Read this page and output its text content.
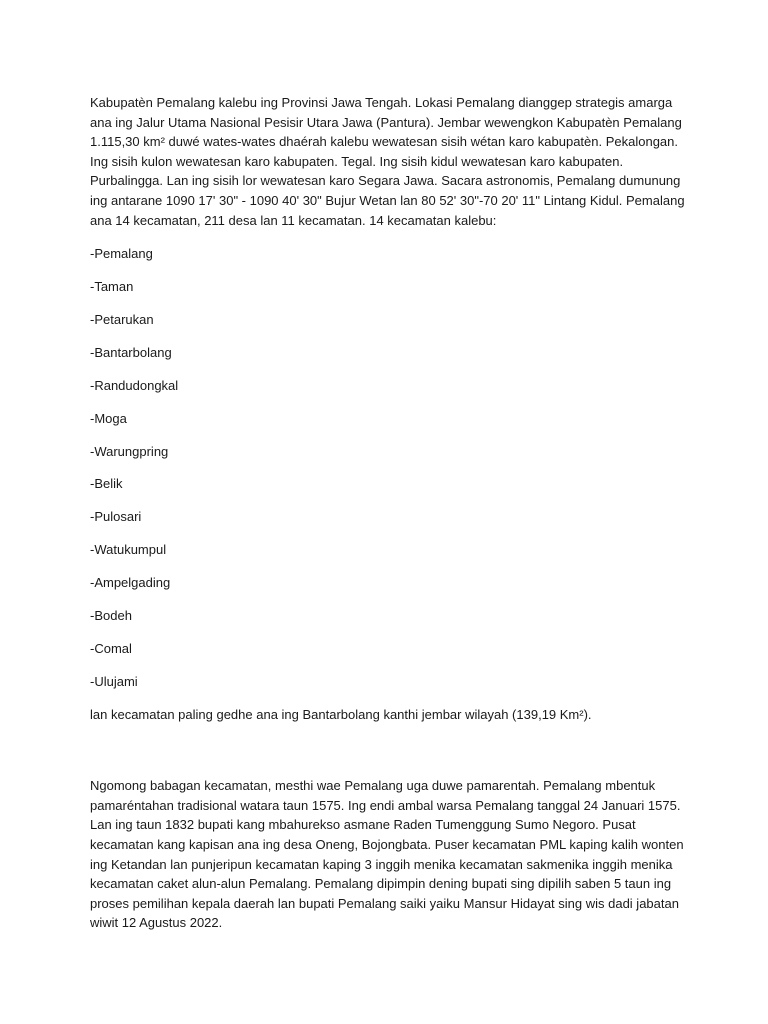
Kabupatèn Pemalang kalebu ing Provinsi Jawa Tengah. Lokasi Pemalang dianggep strategis amarga ana ing Jalur Utama Nasional Pesisir Utara Jawa (Pantura). Jembar wewengkon Kabupatèn Pemalang 1.115,30 km² duwé wates-wates dhaérah kalebu wewatesan sisih wétan karo kabupatèn. Pekalongan. Ing sisih kulon wewatesan karo kabupaten. Tegal. Ing sisih kidul wewatesan karo kabupaten. Purbalingga. Lan ing sisih lor wewatesan karo Segara Jawa. Sacara astronomis, Pemalang dumunung ing antarane 1090 17' 30" - 1090 40' 30" Bujur Wetan lan 80 52' 30"-70 20' 11" Lintang Kidul. Pemalang ana 14 kecamatan, 211 desa lan 11 kecamatan. 14 kecamatan kalebu:

-Pemalang
-Taman
-Petarukan
-Bantarbolang
-Randudongkal
-Moga
-Warungpring
-Belik
-Pulosari
-Watukumpul
-Ampelgading
-Bodeh
-Comal
-Ulujami

lan kecamatan paling gedhe ana ing Bantarbolang kanthi jembar wilayah (139,19 Km²).

Ngomong babagan kecamatan, mesthi wae Pemalang uga duwe pamarentah. Pemalang mbentuk pamaréntahan tradisional watara taun 1575. Ing endi ambal warsa Pemalang tanggal 24 Januari 1575. Lan ing taun 1832 bupati kang mbahurekso asmane Raden Tumenggung Sumo Negoro. Pusat kecamatan kang kapisan ana ing desa Oneng, Bojongbata. Puser kecamatan PML kaping kalih wonten ing Ketandan lan punjeripun kecamatan kaping 3 inggih menika kecamatan sakmenika inggih menika kecamatan caket alun-alun Pemalang. Pemalang dipimpin dening bupati sing dipilih saben 5 taun ing proses pemilihan kepala daerah lan bupati Pemalang saiki yaiku Mansur Hidayat sing wis dadi jabatan wiwit 12 Agustus 2022.
